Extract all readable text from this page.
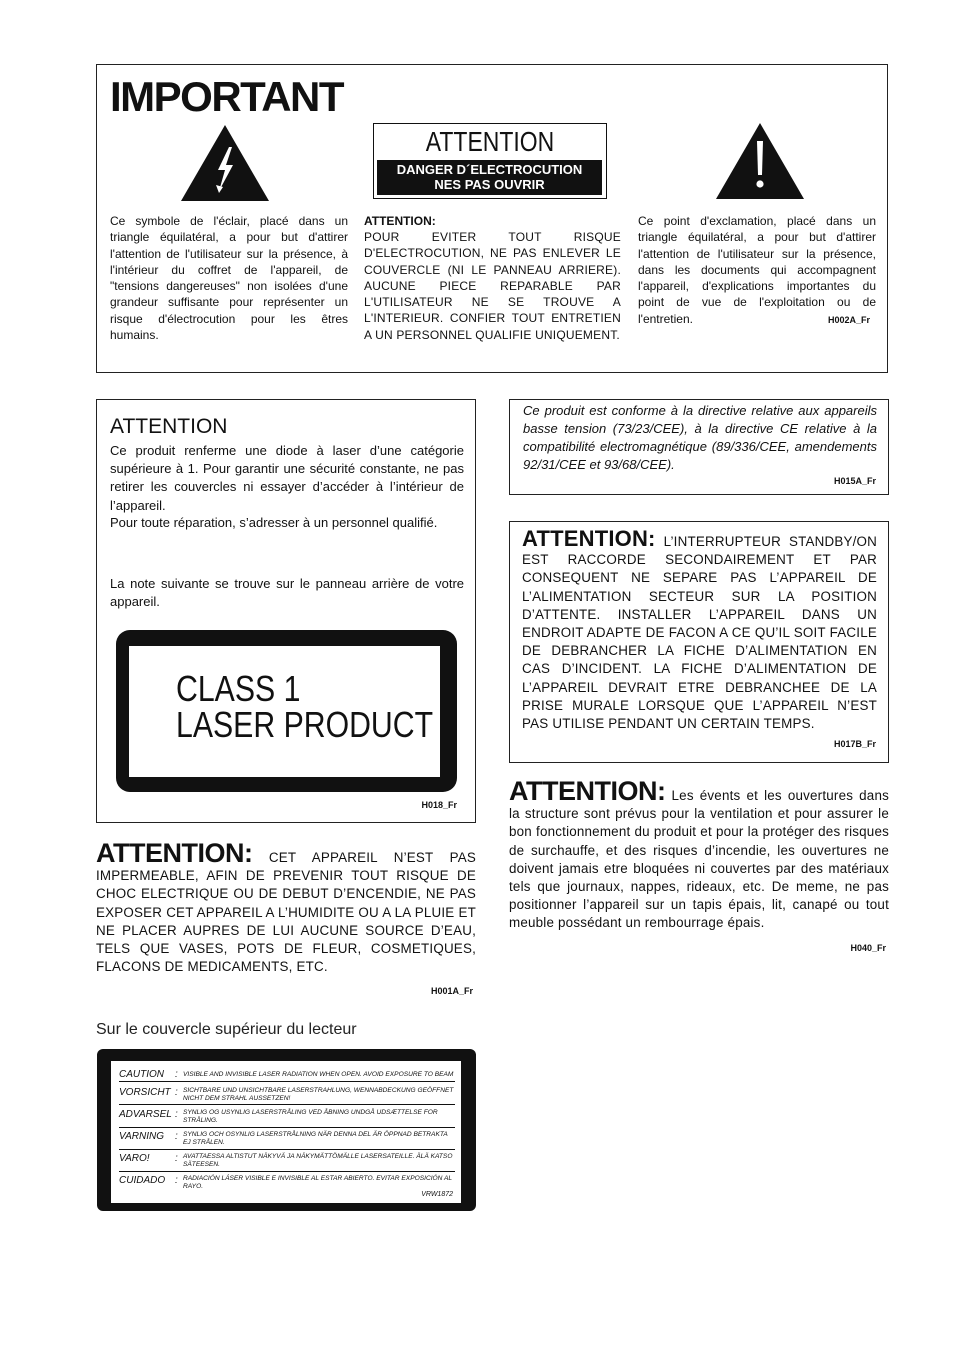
IMPORTANT
ATTENTION
DANGER D´ELECTROCUTION
NES PAS OUVRIR
Ce symbole de l'éclair, placé dans un triangle équilatéral, a pour but d'attirer l'attention de l'utilisateur sur la présence, à l'intérieur du coffret de l'appareil, de "tensions dangereuses" non isolées d'une grandeur suffisante pour représenter un risque d'électrocution pour les êtres humains.
ATTENTION:
POUR EVITER TOUT RISQUE D'ELECTROCUTION, NE PAS ENLEVER LE COUVERCLE (NI LE PANNEAU ARRIERE). AUCUNE PIECE REPARABLE PAR L'UTILISATEUR NE SE TROUVE A L'INTERIEUR. CONFIER TOUT ENTRETIEN A UN PERSONNEL QUALIFIE UNIQUEMENT.
Ce point d'exclamation, placé dans un triangle équilatéral, a pour but d'attirer l'attention de l'utilisateur sur la présence, dans les documents qui accompagnent l'appareil, d'explications importantes du point de vue de l'exploitation ou de l'entretien.	H002A_Fr
ATTENTION
Ce produit renferme une diode à laser d’une catégorie supérieure à 1. Pour garantir une sécurité constante, ne pas retirer les couvercles ni essayer d’accéder à l’intérieur de l’appareil.
Pour toute réparation, s’adresser à un personnel qualifié.
La note suivante se trouve sur le panneau arrière de votre appareil.
CLASS 1
LASER PRODUCT
H018_Fr
ATTENTION: CET APPAREIL N’EST PAS IMPERMEABLE, AFIN DE PREVENIR TOUT RISQUE DE CHOC ELECTRIQUE OU DE DEBUT D’ENCENDIE, NE PAS EXPOSER CET APPAREIL A L’HUMIDITE OU A LA PLUIE ET NE PLACER AUPRES DE LUI AUCUNE SOURCE D’EAU, TELS QUE VASES, POTS DE FLEUR, COSMETIQUES, FLACONS DE MEDICAMENTS, ETC.
H001A_Fr
Sur le couvercle supérieur du lecteur
CAUTION : VISIBLE AND INVISIBLE LASER RADIATION WHEN OPEN. AVOID EXPOSURE TO BEAM
VORSICHT : SICHTBARE UND UNSICHTBARE LASERSTRAHLUNG, WENNABDECKUNG GEÖFFNET NICHT DEM STRAHL AUSSETZEN!
ADVARSEL : SYNLIG OG USYNLIG LASERSTRÅLING VED ÅBNING UNDGÅ UDSÆTTELSE FOR STRÅLING.
VARNING : SYNLIG OCH OSYNLIG LASERSTRÅLNING NÄR DENNA DEL ÄR ÖPPNAD BETRAKTA EJ STRÅLEN.
VARO!	: AVATTAESSA ALTISTUT NÄKYVÄ JA NÄKYMÄTTÖMÄLLE LASERSATEILLE. ÄLÄ KATSO SÄTEESEN.
CUIDADO : RADIACIÓN LÁSER VISIBLE E INVISIBLE AL ESTAR ABIERTO. EVITAR EXPOSICIÓN AL RAYO.
VRW1872
Ce produit est conforme à la directive relative aux appareils basse tension (73/23/CEE), à la directive CE relative à la compatibilité electromagnétique (89/336/CEE, amendements 92/31/CEE et 93/68/CEE).
H015A_Fr
ATTENTION: L’INTERRUPTEUR STANDBY/ON EST RACCORDE SECONDAIREMENT ET PAR CONSEQUENT NE SEPARE PAS L’APPAREIL DE L’ALIMENTATION SECTEUR SUR LA POSITION D’ATTENTE. INSTALLER L’APPAREIL DANS UN ENDROIT ADAPTE DE FACON A CE QU’IL SOIT FACILE DE DEBRANCHER LA FICHE D’ALIMENTATION EN CAS D’INCIDENT. LA FICHE D’ALIMENTATION DE L’APPAREIL DEVRAIT ETRE DEBRANCHEE DE LA PRISE MURALE LORSQUE QUE L’APPAREIL N’EST PAS UTILISE PENDANT UN CERTAIN TEMPS.
H017B_Fr
ATTENTION: Les évents et les ouvertures dans la structure sont prévus pour la ventilation et pour assurer le bon fonctionnement du produit et pour la protéger des risques de surchauffe, et des risques d’incendie, les ouvertures ne doivent jamais etre bloquées ni couvertes par des matériaux tels que journaux, nappes, rideaux, etc. De meme, ne pas positionner l’appareil sur un tapis épais, lit, canapé ou tout meuble possédant un rembourrage épais.
H040_Fr
